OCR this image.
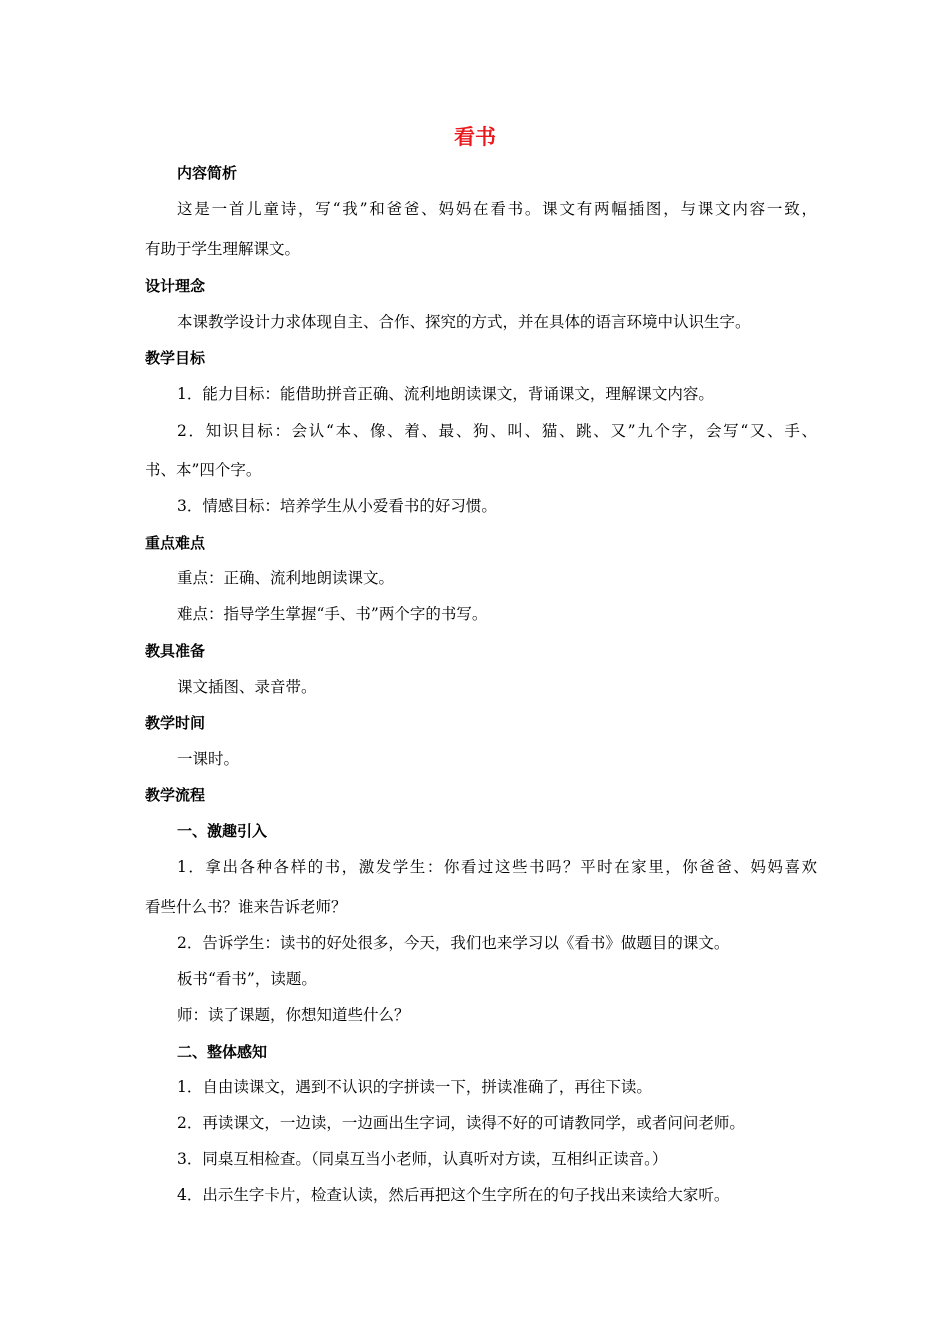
看书
内容简析
这是一首儿童诗，写“我”和爸爸、妈妈在看书。课文有两幅插图，与课文内容一致，
有助于学生理解课文。
设计理念
本课教学设计力求体现自主、合作、探究的方式，并在具体的语言环境中认识生字。
教学目标
1．能力目标：能借助拼音正确、流利地朗读课文，背诵课文，理解课文内容。
2．知识目标：会认“本、像、着、最、狗、叫、猫、跳、又”九个字，会写“又、手、
书、本”四个字。
3．情感目标：培养学生从小爱看书的好习惯。
重点难点
重点：正确、流利地朗读课文。
难点：指导学生掌握“手、书”两个字的书写。
教具准备
课文插图、录音带。
教学时间
一课时。
教学流程
一、激趣引入
1．拿出各种各样的书，激发学生：你看过这些书吗？平时在家里，你爸爸、妈妈喜欢
看些什么书？谁来告诉老师？
2．告诉学生：读书的好处很多，今天，我们也来学习以《看书》做题目的课文。
板书“看书”，读题。
师：读了课题，你想知道些什么？
二、整体感知
1．自由读课文，遇到不认识的字拼读一下，拼读准确了，再往下读。
2．再读课文，一边读，一边画出生字词，读得不好的可请教同学，或者问问老师。
3．同桌互相检查。（同桌互当小老师，认真听对方读，互相纠正读音。）
4．出示生字卡片，检查认读，然后再把这个生字所在的句子找出来读给大家听。
